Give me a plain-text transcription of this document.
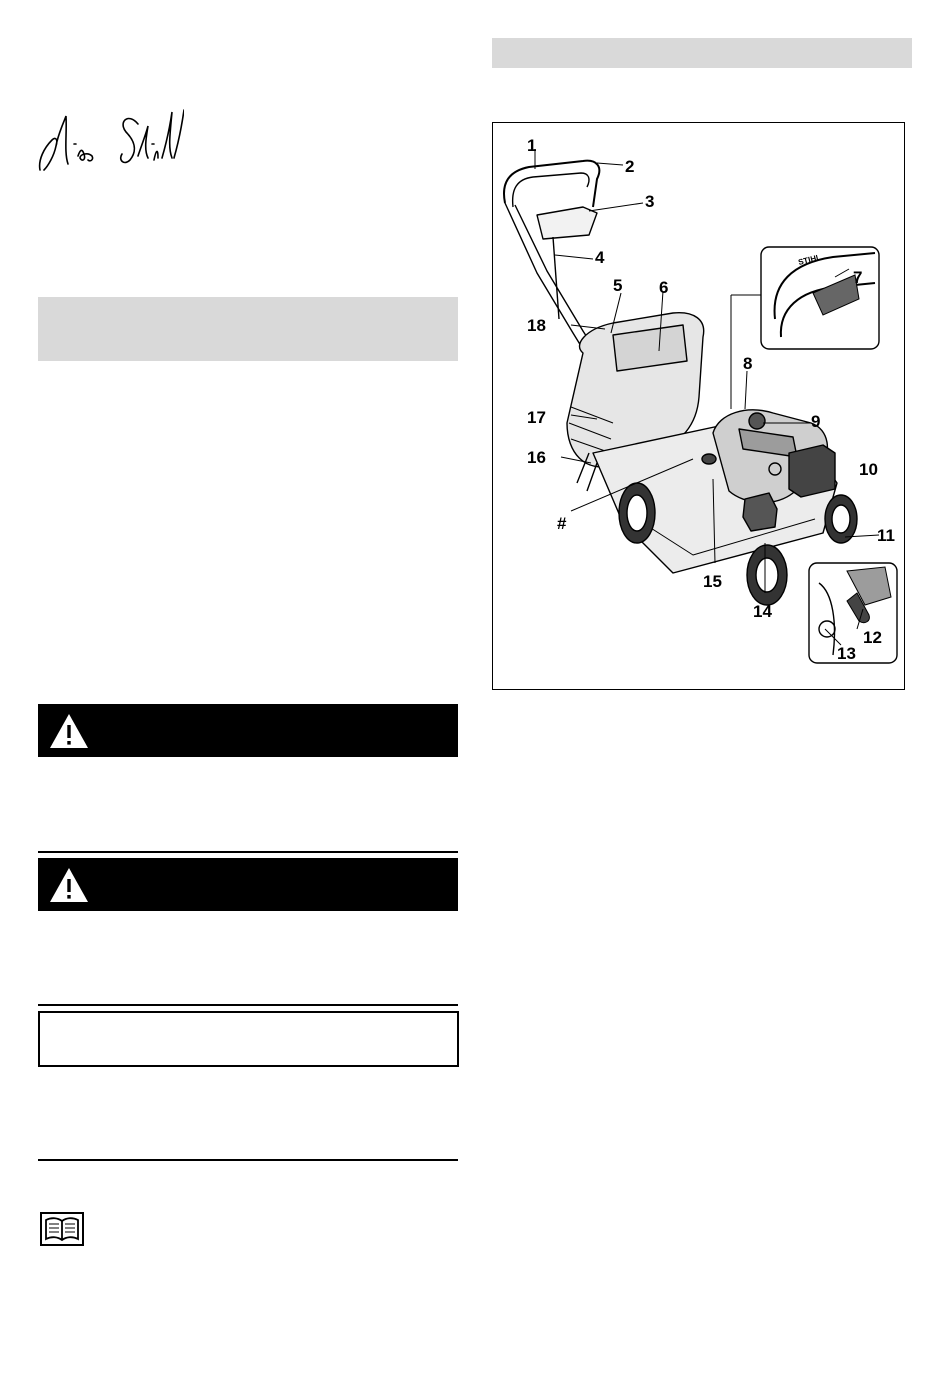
STIHL
1
2
3
4
5 6
7
8
9
10
11
12
13
14
15
16
17
18
#
